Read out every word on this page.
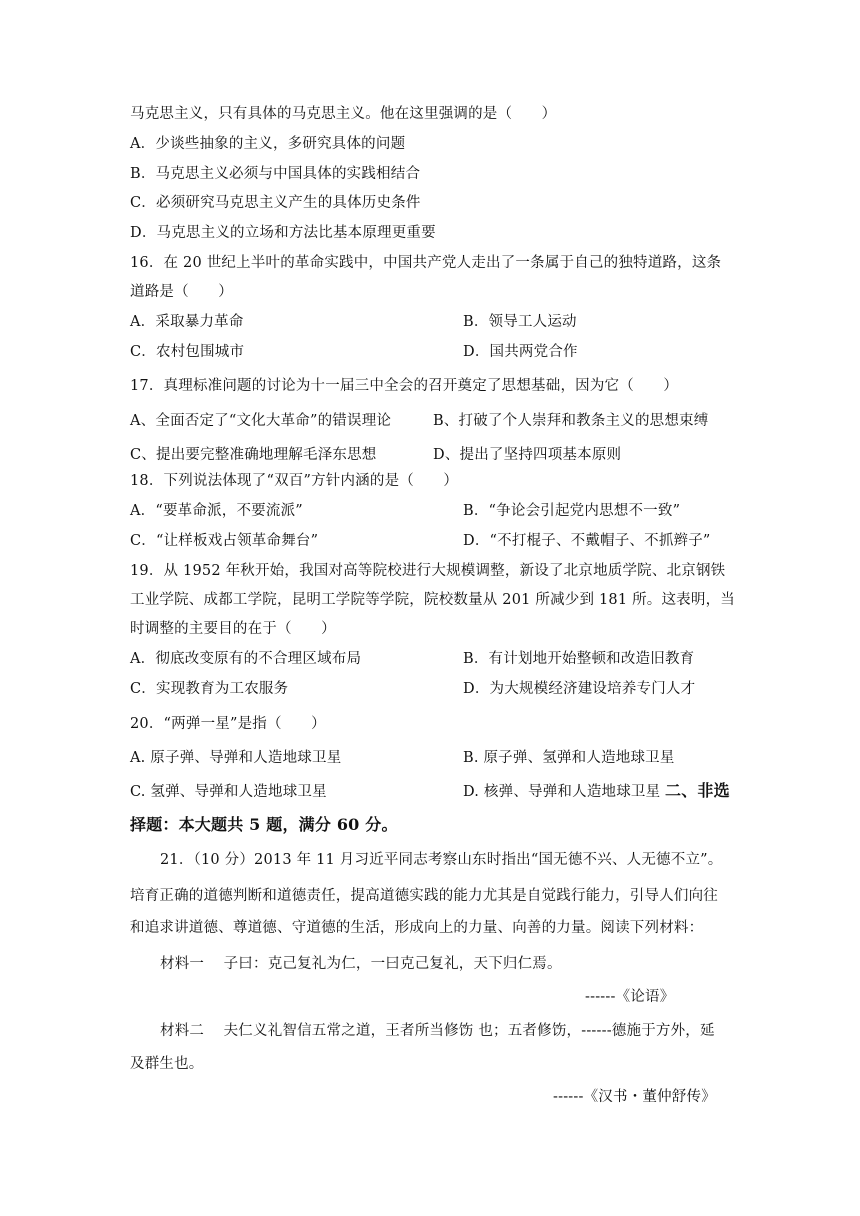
马克思主义，只有具体的马克思主义。他在这里强调的是（　　）
A．少谈些抽象的主义，多研究具体的问题
B．马克思主义必须与中国具体的实践相结合
C．必须研究马克思主义产生的具体历史条件
D．马克思主义的立场和方法比基本原理更重要
16．在 20 世纪上半叶的革命实践中，中国共产党人走出了一条属于自己的独特道路，这条
道路是（　　）
A．采取暴力革命	B．领导工人运动
C．农村包围城市	D．国共两党合作
17．真理标准问题的讨论为十一届三中全会的召开奠定了思想基础，因为它（　　）
A、全面否定了“文化大革命”的错误理论	B、打破了个人崇拜和教条主义的思想束缚
C、提出要完整准确地理解毛泽东思想	D、提出了坚持四项基本原则
18．下列说法体现了“双百”方针内涵的是（　　）
A．“要革命派，不要流派”	B．“争论会引起党内思想不一致”
C．“让样板戏占领革命舞台”	D．“不打棍子、不戴帽子、不抓辫子”
19．从 1952 年秋开始，我国对高等院校进行大规模调整，新设了北京地质学院、北京钢铁
工业学院、成都工学院，昆明工学院等学院，院校数量从 201 所减少到 181 所。这表明，当
时调整的主要目的在于（　　）
A．彻底改变原有的不合理区域布局	B．有计划地开始整顿和改造旧教育
C．实现教育为工农服务	D．为大规模经济建设培养专门人才
20．“两弹一星”是指（　　）
A. 原子弹、导弹和人造地球卫星	B. 原子弹、氢弹和人造地球卫星
C. 氢弹、导弹和人造地球卫星	D. 核弹、导弹和人造地球卫星 二、非选
择题：本大题共 5 题，满分 60 分。
21．（10 分）2013 年 11 月习近平同志考察山东时指出“国无德不兴、人无德不立”。
培育正确的道德判断和道德责任，提高道德实践的能力尤其是自觉践行能力，引导人们向往
和追求讲道德、尊道德、守道德的生活，形成向上的力量、向善的力量。阅读下列材料：
材料一　 子曰：克己复礼为仁，一曰克己复礼，天下归仁焉。
------《论语》
材料二　 夫仁义礼智信五常之道，王者所当修饬 也；五者修饬，------德施于方外，延
及群生也。
------《汉书・董仲舒传》
